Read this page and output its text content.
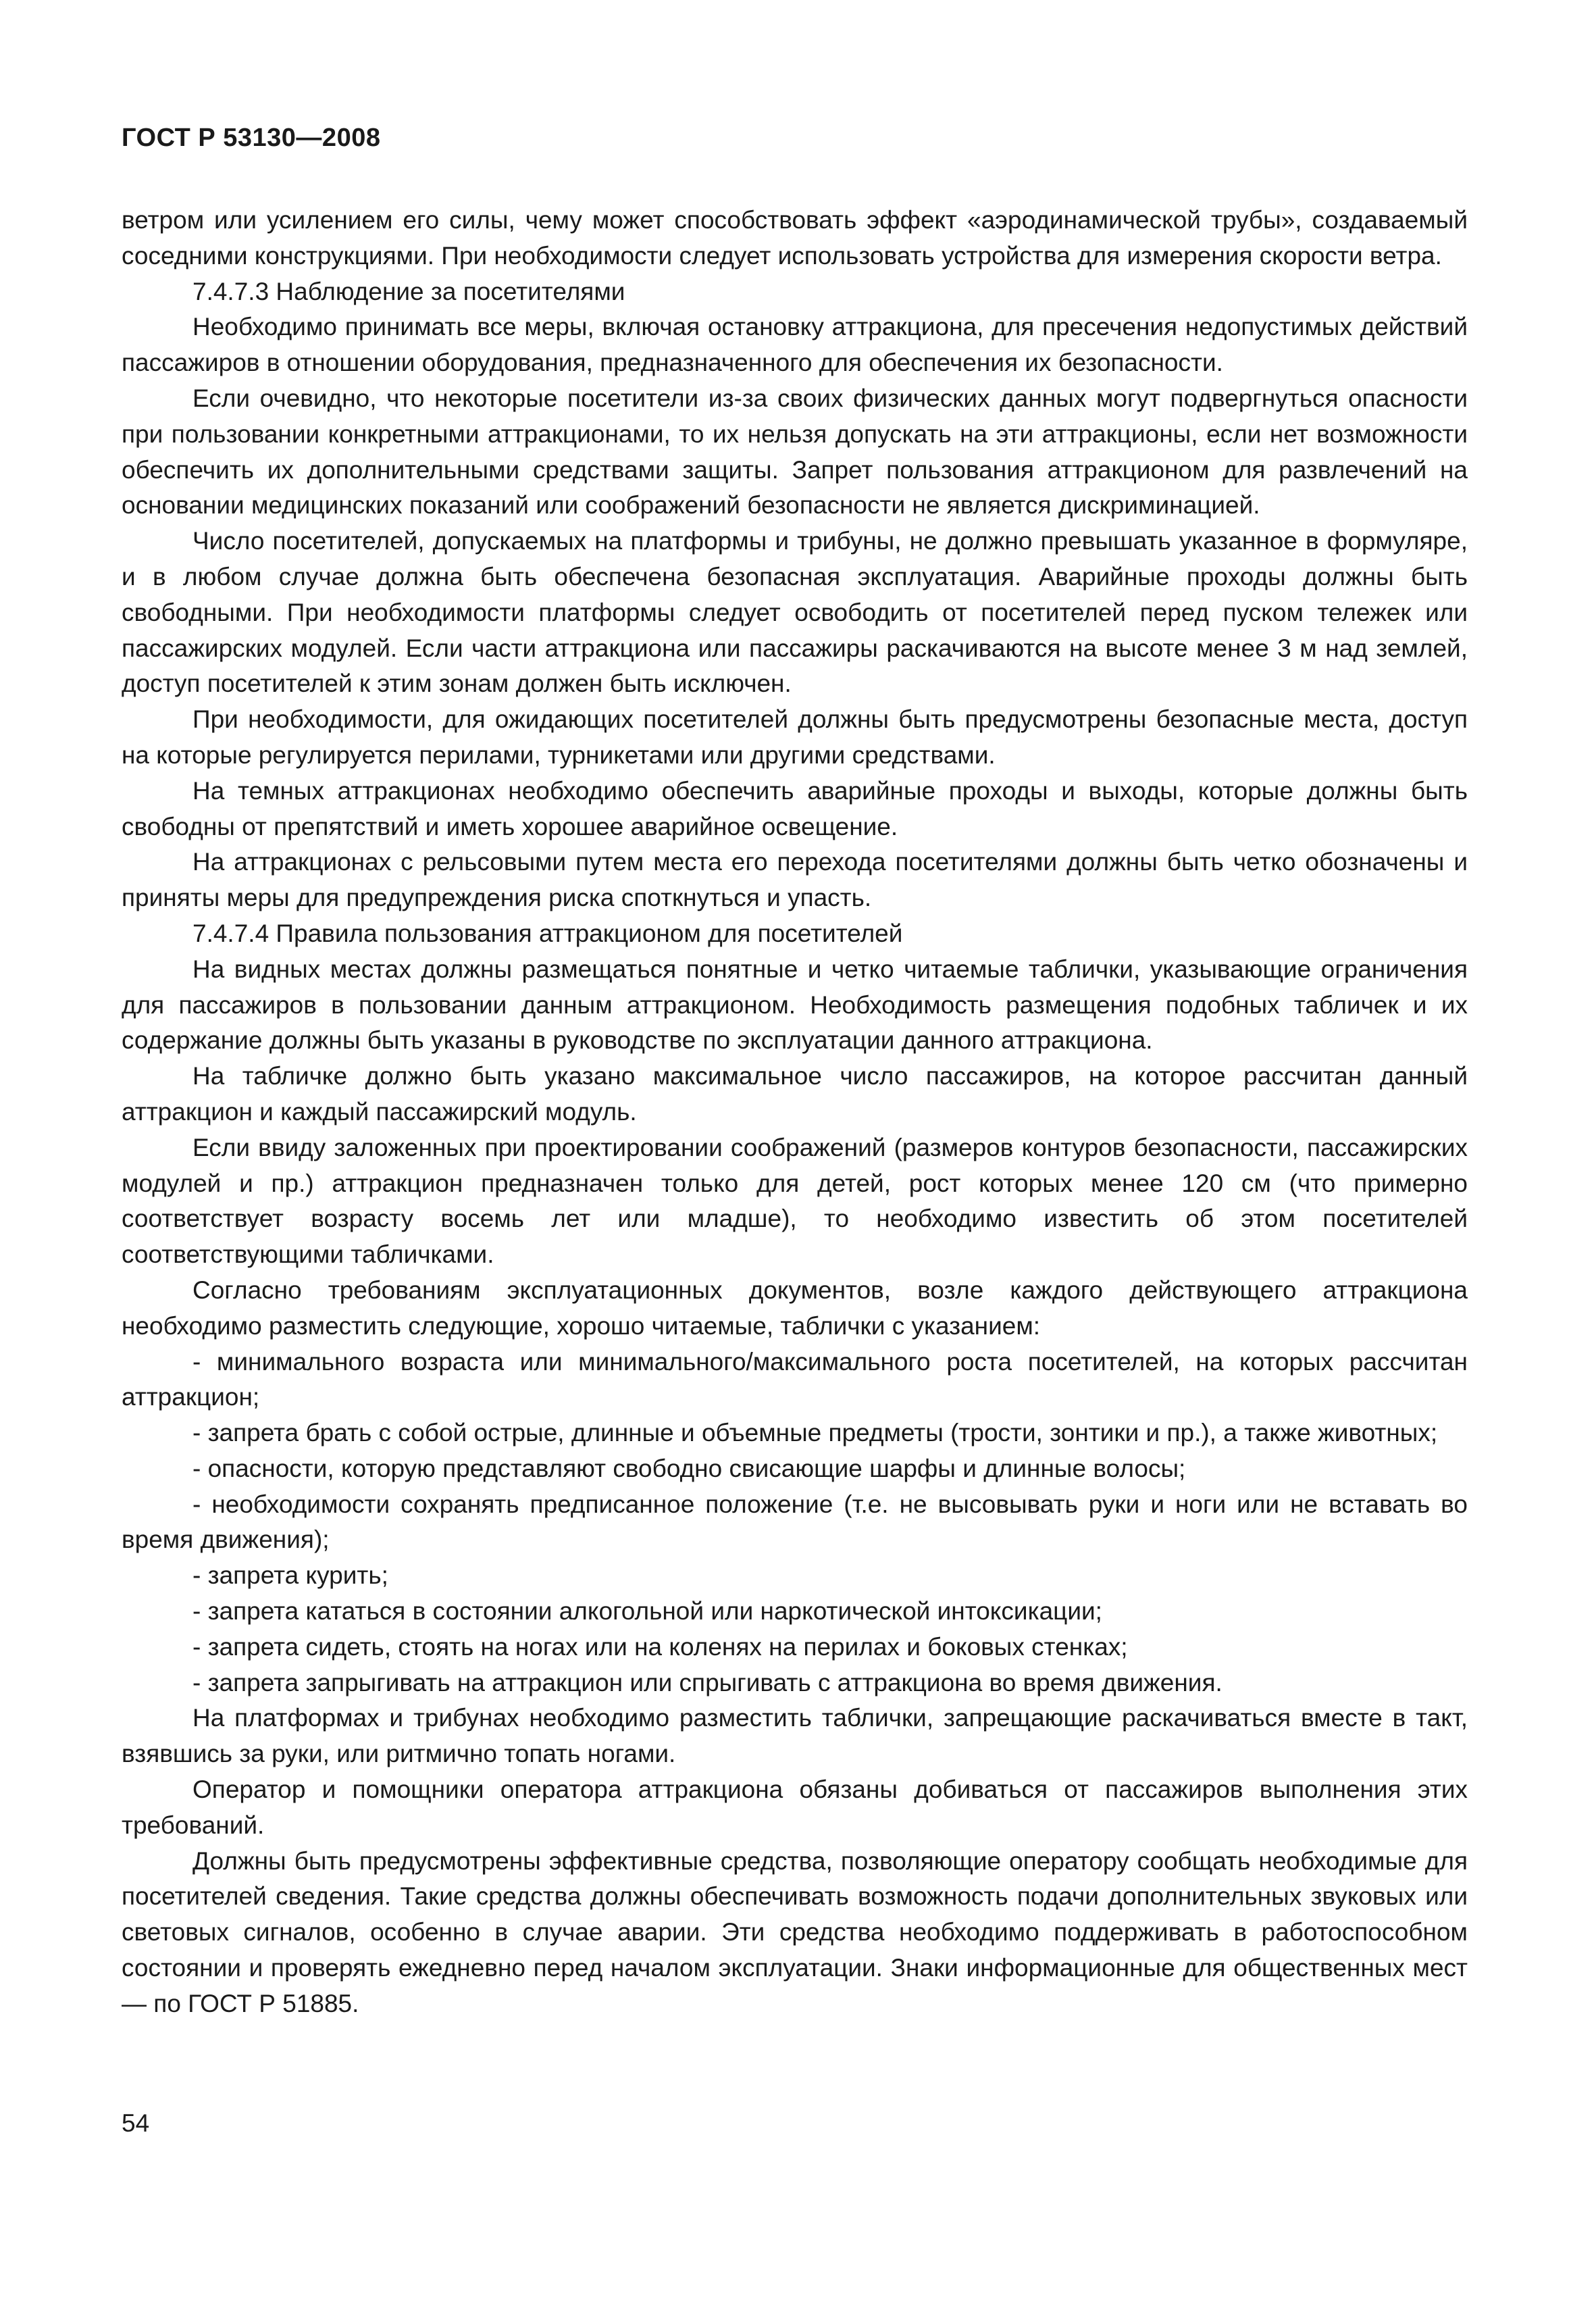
ГОСТ Р 53130—2008

ветром или усилением его силы, чему может способствовать эффект «аэродинамической трубы», создаваемый соседними конструкциями. При необходимости следует использовать устройства для измерения скорости ветра.

7.4.7.3 Наблюдение за посетителями

Необходимо принимать все меры, включая остановку аттракциона, для пресечения недопустимых действий пассажиров в отношении оборудования, предназначенного для обеспечения их безопасности.

Если очевидно, что некоторые посетители из-за своих физических данных могут подвергнуться опасности при пользовании конкретными аттракционами, то их нельзя допускать на эти аттракционы, если нет возможности обеспечить их дополнительными средствами защиты. Запрет пользования аттракционом для развлечений на основании медицинских показаний или соображений безопасности не является дискриминацией.

Число посетителей, допускаемых на платформы и трибуны, не должно превышать указанное в формуляре, и в любом случае должна быть обеспечена безопасная эксплуатация. Аварийные проходы должны быть свободными. При необходимости платформы следует освободить от посетителей перед пуском тележек или пассажирских модулей. Если части аттракциона или пассажиры раскачиваются на высоте менее 3 м над землей, доступ посетителей к этим зонам должен быть исключен.

При необходимости, для ожидающих посетителей должны быть предусмотрены безопасные места, доступ на которые регулируется перилами, турникетами или другими средствами.

На темных аттракционах необходимо обеспечить аварийные проходы и выходы, которые должны быть свободны от препятствий и иметь хорошее аварийное освещение.

На аттракционах с рельсовыми путем места его перехода посетителями должны быть четко обозначены и приняты меры для предупреждения риска споткнуться и упасть.

7.4.7.4 Правила пользования аттракционом для посетителей

На видных местах должны размещаться понятные и четко читаемые таблички, указывающие ограничения для пассажиров в пользовании данным аттракционом. Необходимость размещения подобных табличек и их содержание должны быть указаны в руководстве по эксплуатации данного аттракциона.

На табличке должно быть указано максимальное число пассажиров, на которое рассчитан данный аттракцион и каждый пассажирский модуль.

Если ввиду заложенных при проектировании соображений (размеров контуров безопасности, пассажирских модулей и пр.) аттракцион предназначен только для детей, рост которых менее 120 см (что примерно соответствует возрасту восемь лет или младше), то необходимо известить об этом посетителей соответствующими табличками.

Согласно требованиям эксплуатационных документов, возле каждого действующего аттракциона необходимо разместить следующие, хорошо читаемые, таблички с указанием:

- минимального возраста или минимального/максимального роста посетителей, на которых рассчитан аттракцион;

- запрета брать с собой острые, длинные и объемные предметы (трости, зонтики и пр.), а также животных;

- опасности, которую представляют свободно свисающие шарфы и длинные волосы;

- необходимости сохранять предписанное положение (т.е. не высовывать руки и ноги или не вставать во время движения);

- запрета курить;

- запрета кататься в состоянии алкогольной или наркотической интоксикации;

- запрета сидеть, стоять на ногах или на коленях на перилах и боковых стенках;

- запрета запрыгивать на аттракцион или спрыгивать с аттракциона во время движения.

На платформах и трибунах необходимо разместить таблички, запрещающие раскачиваться вместе в такт, взявшись за руки, или ритмично топать ногами.

Оператор и помощники оператора аттракциона обязаны добиваться от пассажиров выполнения этих требований.

Должны быть предусмотрены эффективные средства, позволяющие оператору сообщать необходимые для посетителей сведения. Такие средства должны обеспечивать возможность подачи дополнительных звуковых или световых сигналов, особенно в случае аварии. Эти средства необходимо поддерживать в работоспособном состоянии и проверять ежедневно перед началом эксплуатации. Знаки информационные для общественных мест — по ГОСТ Р 51885.

54
